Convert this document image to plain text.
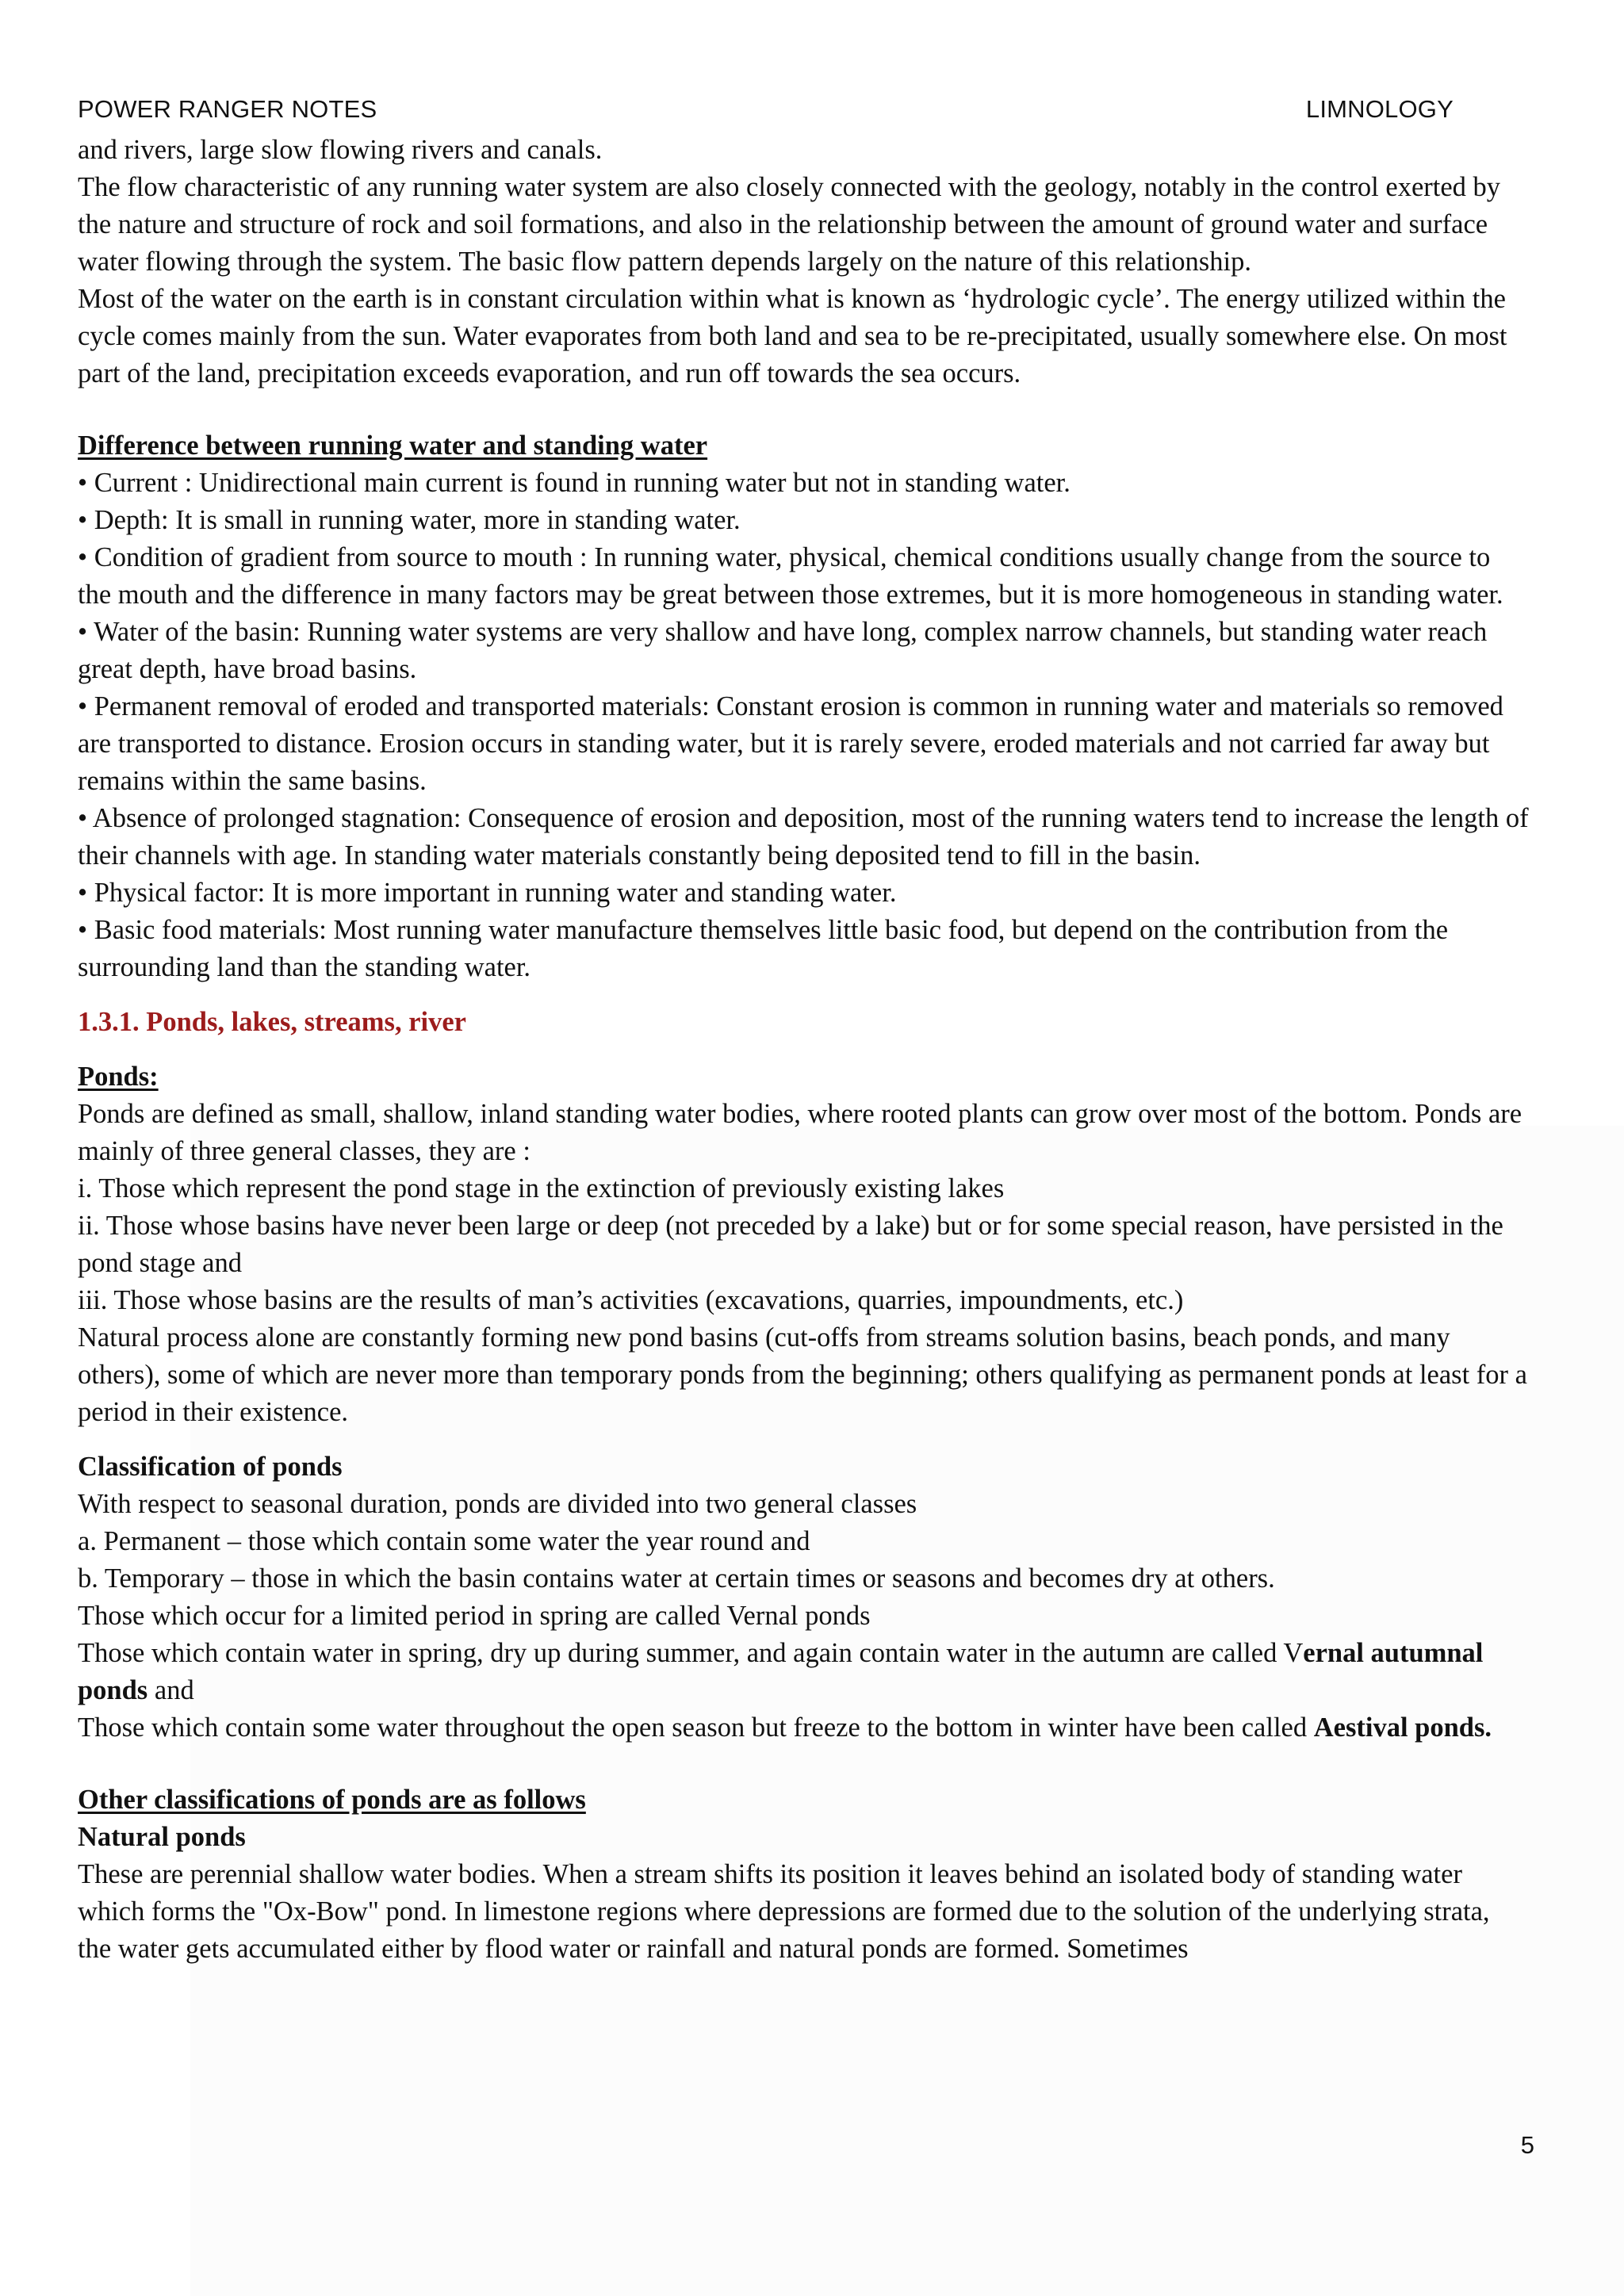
POWER RANGER NOTES	LIMNOLOGY

and rivers, large slow flowing rivers and canals.

The flow characteristic of any running water system are also closely connected with the geology, notably in the control exerted by the nature and structure of rock and soil formations, and also in the relationship between the amount of ground water and surface water flowing through the system. The basic flow pattern depends largely on the nature of this relationship.

Most of the water on the earth is in constant circulation within what is known as ‘hydrologic cycle’. The energy utilized within the cycle comes mainly from the sun. Water evaporates from both land and sea to be re-precipitated, usually somewhere else. On most part of the land, precipitation exceeds evaporation, and run off towards the sea occurs.

Difference between running water and standing water

• Current : Unidirectional main current is found in running water but not in standing water.

• Depth: It is small in running water, more in standing water.

• Condition of gradient from source to mouth : In running water, physical, chemical conditions usually change from the source to the mouth and the difference in many factors may be great between those extremes, but it is more homogeneous in standing water.

• Water of the basin: Running water systems are very shallow and have long, complex narrow channels, but standing water reach great depth, have broad basins.

• Permanent removal of eroded and transported materials: Constant erosion is common in running water and materials so removed are transported to distance. Erosion occurs in standing water, but it is rarely severe, eroded materials and not carried far away but remains within the same basins.

• Absence of prolonged stagnation: Consequence of erosion and deposition, most of the running waters tend to increase the length of their channels with age. In standing water materials constantly being deposited tend to fill in the basin.

• Physical factor: It is more important in running water and standing water.

• Basic food materials: Most running water manufacture themselves little basic food, but depend on the contribution from the surrounding land than the standing water.

1.3.1. Ponds, lakes, streams, river

Ponds:

Ponds are defined as small, shallow, inland standing water bodies, where rooted plants can grow over most of the bottom. Ponds are mainly of three general classes, they are :

i. Those which represent the pond stage in the extinction of previously existing lakes

ii. Those whose basins have never been large or deep (not preceded by a lake) but or for some special reason, have persisted in the pond stage and

iii. Those whose basins are the results of man’s activities (excavations, quarries, impoundments, etc.)

Natural process alone are constantly forming new pond basins (cut-offs from streams solution basins, beach ponds, and many others), some of which are never more than temporary ponds from the beginning; others qualifying as permanent ponds at least for a period in their existence.

Classification of ponds

With respect to seasonal duration, ponds are divided into two general classes

a. Permanent – those which contain some water the year round and

b. Temporary – those in which the basin contains water at certain times or seasons and becomes dry at others.

Those which occur for a limited period in spring are called Vernal ponds

Those which contain water in spring, dry up during summer, and again contain water in the autumn are called Vernal autumnal ponds and

Those which contain some water throughout the open season but freeze to the bottom in winter have been called Aestival ponds.

Other classifications of ponds are as follows

Natural ponds

These are perennial shallow water bodies. When a stream shifts its position it leaves behind an isolated body of standing water which forms the "Ox-Bow" pond. In limestone regions where depressions are formed due to the solution of the underlying strata, the water gets accumulated either by flood water or rainfall and natural ponds are formed. Sometimes

5
